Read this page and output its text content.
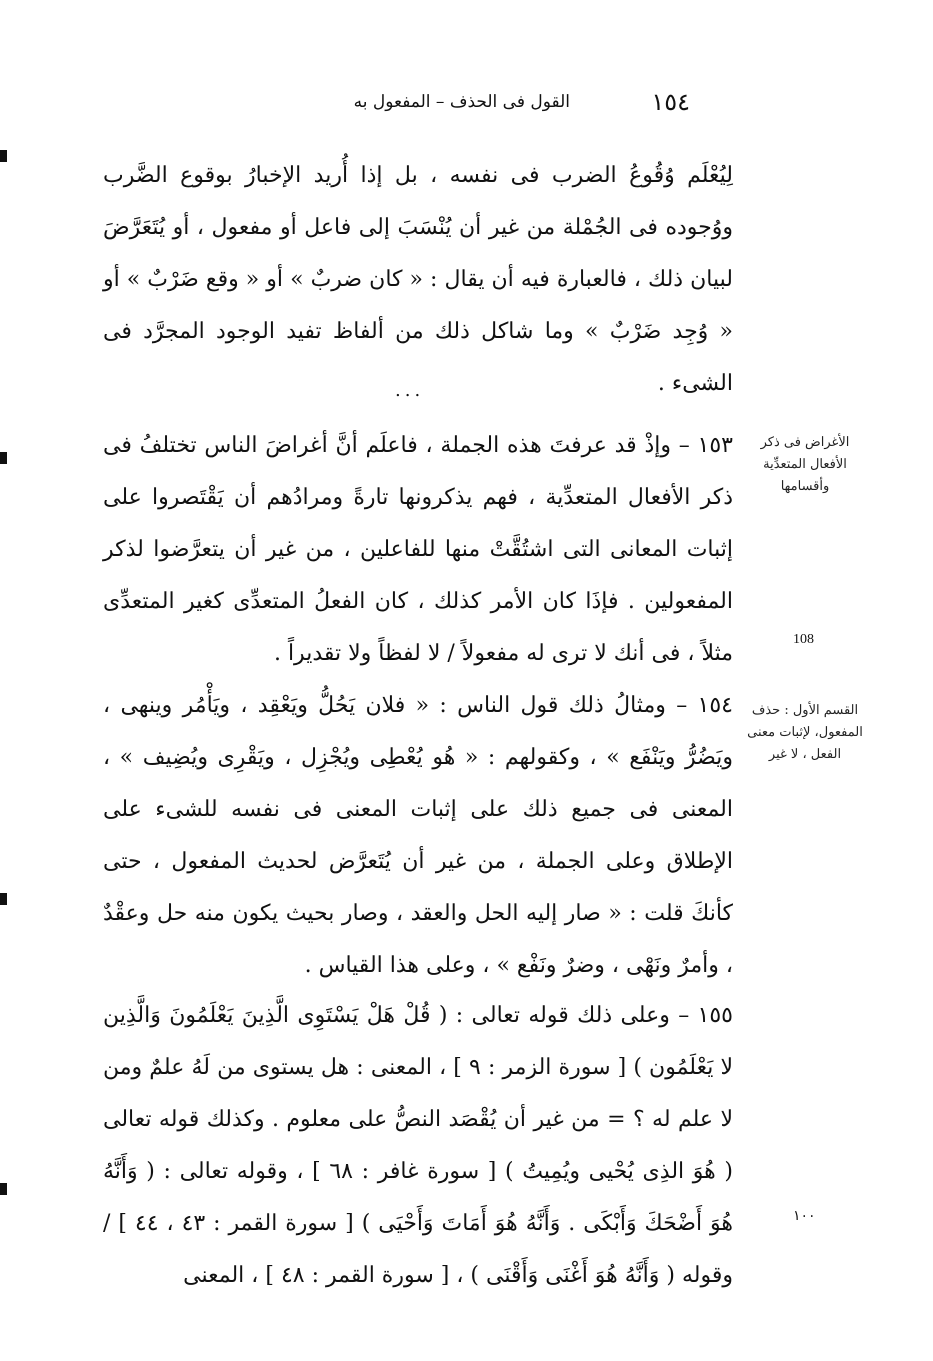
١٥٤
القول فى الحذف – المفعول به

لِيُعْلَم وُقُوعُ الضرب فى نفسه ، بل إذا أُريد الإخبارُ بوقوع الضَّرب ووُجوده فى الجُمْلة من غير أن يُنْسَبَ إلى فاعل أو مفعول ، أو يُتَعَرَّضَ لبيان ذلك ، فالعبارة فيه أن يقال : « كان ضربٌ » أو « وقع ضَرْبٌ » أو « وُجِد ضَرْبٌ » وما شاكل ذلك من ألفاظ تفيد الوجود المجرَّد فى الشىء .

...

١٥٣ – وإذْ قد عرفتَ هذه الجملة ، فاعلَم أنَّ أغراضَ الناس تختلفُ فى ذكر الأفعال المتعدِّية ، فهم يذكرونها تارةً ومرادُهم أن يَقْتَصروا على إثبات المعانى التى اشتُقَّتْ منها للفاعلين ، من غير أن يتعرَّضوا لذكر المفعولين . فإذَا كان الأمر كذلك ، كان الفعلُ المتعدِّى كغير المتعدِّى مثلاً ، فى أنك لا ترى له مفعولاً / لا لفظاً ولا تقديراً .

١٥٤ – ومثالُ ذلك قول الناس : « فلان يَحُلُّ ويَعْقِد ، ويَأْمُر وينهى ، ويَضُرُّ ويَنْفَع » ، وكقولهم : « هُو يُعْطِى ويُجْزِل ، ويَقْرِى ويُضِيف » ، المعنى فى جميع ذلك على إثبات المعنى فى نفسه للشىء على الإطلاق وعلى الجملة ، من غير أن يُتَعرَّض لحديث المفعول ، حتى كأنكَ قلت : « صار إليه الحل والعقد ، وصار بحيث يكون منه حل وعقْدٌ ، وأمرٌ ونَهْى ، وضرٌ ونَفْع » ، وعلى هذا القياس .

١٥٥ – وعلى ذلك قوله تعالى : ( قُلْ هَلْ يَسْتَوِى الَّذِينَ يَعْلَمُونَ وَالَّذِين لا يَعْلَمُون ) [ سورة الزمر : ٩ ] ، المعنى : هل يستوى من لَهُ علمٌ ومن لا علم له ؟ = من غير أن يُقْصَد النصُّ على معلوم . وكذلك قوله تعالى ( هُوَ الذِى يُحْيى ويُمِيتُ ) [ سورة غافر : ٦٨ ] ، وقوله تعالى : ( وَأَنَّهُ هُوَ أَضْحَكَ وَأَبْكَى . وَأَنَّهُ هُوَ أَمَاتَ وَأَحْيَى ) [ سورة القمر : ٤٣ ، ٤٤ ] / وقوله ( وَأَنَّهُ هُوَ أَغْنَى وَأَقْنَى ) ، [ سورة القمر : ٤٨ ] ، المعنى

الأغراض فى ذكر الأفعال المتعدِّية وأقسامها
القسم الأول : حذف المفعول، لإثبات معنى الفعل ، لا غير
108
١٠٠
